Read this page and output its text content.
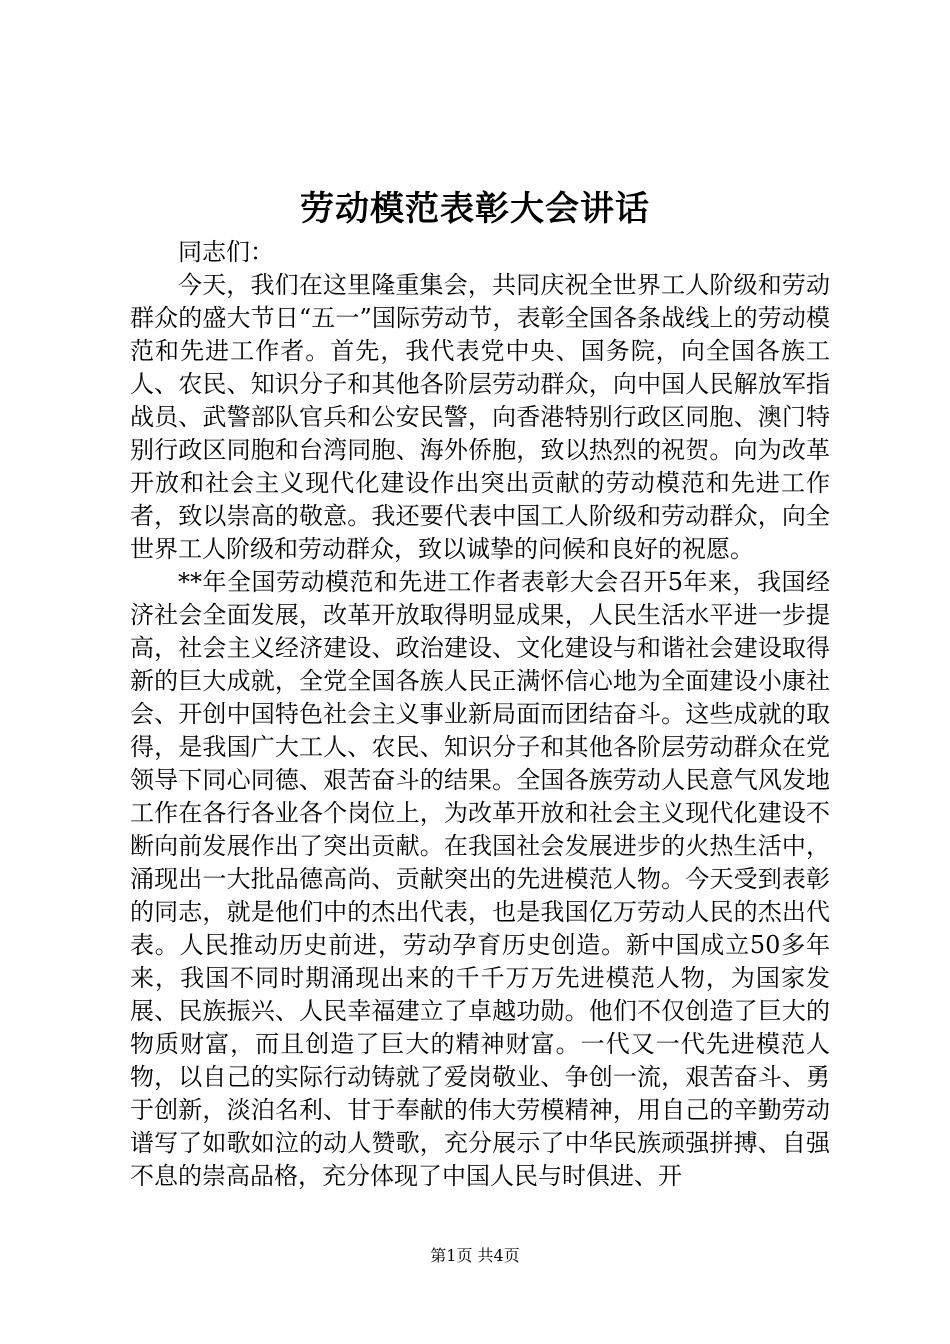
劳动模范表彰大会讲话

同志们：

今天，我们在这里隆重集会，共同庆祝全世界工人阶级和劳动群众的盛大节日“五一”国际劳动节，表彰全国各条战线上的劳动模范和先进工作者。首先，我代表党中央、国务院，向全国各族工人、农民、知识分子和其他各阶层劳动群众，向中国人民解放军指战员、武警部队官兵和公安民警，向香港特别行政区同胞、澳门特别行政区同胞和台湾同胞、海外侨胞，致以热烈的祝贺。向为改革开放和社会主义现代化建设作出突出贡献的劳动模范和先进工作者，致以崇高的敬意。我还要代表中国工人阶级和劳动群众，向全世界工人阶级和劳动群众，致以诚挚的问候和良好的祝愿。

**年全国劳动模范和先进工作者表彰大会召开5年来，我国经济社会全面发展，改革开放取得明显成果，人民生活水平进一步提高，社会主义经济建设、政治建设、文化建设与和谐社会建设取得新的巨大成就，全党全国各族人民正满怀信心地为全面建设小康社会、开创中国特色社会主义事业新局面而团结奋斗。这些成就的取得，是我国广大工人、农民、知识分子和其他各阶层劳动群众在党领导下同心同德、艰苦奋斗的结果。全国各族劳动人民意气风发地工作在各行各业各个岗位上，为改革开放和社会主义现代化建设不断向前发展作出了突出贡献。在我国社会发展进步的火热生活中，涌现出一大批品德高尚、贡献突出的先进模范人物。今天受到表彰的同志，就是他们中的杰出代表，也是我国亿万劳动人民的杰出代表。人民推动历史前进，劳动孕育历史创造。新中国成立50多年来，我国不同时期涌现出来的千千万万先进模范人物，为国家发展、民族振兴、人民幸福建立了卓越功勋。他们不仅创造了巨大的物质财富，而且创造了巨大的精神财富。一代又一代先进模范人物，以自己的实际行动铸就了爱岗敬业、争创一流，艰苦奋斗、勇于创新，淡泊名利、甘于奉献的伟大劳模精神，用自己的辛勤劳动谱写了如歌如泣的动人赞歌，充分展示了中华民族顽强拼搏、自强不息的崇高品格，充分体现了中国人民与时俱进、开

第1页 共4页
